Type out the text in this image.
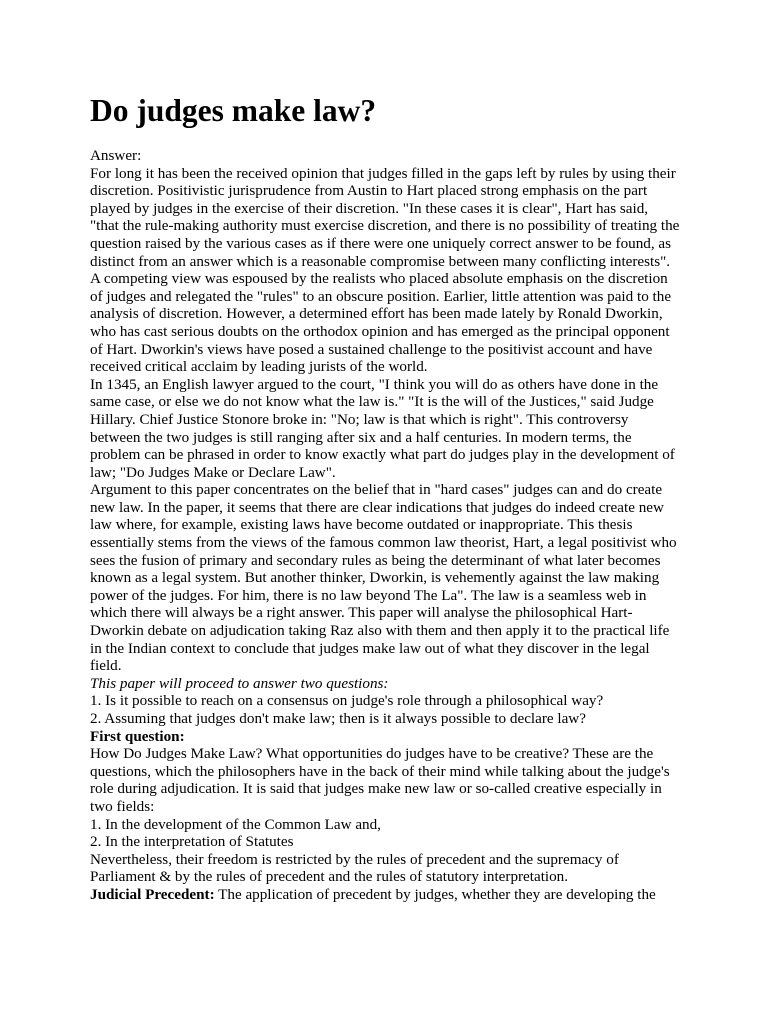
Do judges make law?

Answer:

For long it has been the received opinion that judges filled in the gaps left by rules by using their discretion. Positivistic jurisprudence from Austin to Hart placed strong emphasis on the part played by judges in the exercise of their discretion. "In these cases it is clear", Hart has said, "that the rule-making authority must exercise discretion, and there is no possibility of treating the question raised by the various cases as if there were one uniquely correct answer to be found, as distinct from an answer which is a reasonable compromise between many conflicting interests".

A competing view was espoused by the realists who placed absolute emphasis on the discretion of judges and relegated the "rules" to an obscure position. Earlier, little attention was paid to the analysis of discretion. However, a determined effort has been made lately by Ronald Dworkin, who has cast serious doubts on the orthodox opinion and has emerged as the principal opponent of Hart. Dworkin's views have posed a sustained challenge to the positivist account and have received critical acclaim by leading jurists of the world.

In 1345, an English lawyer argued to the court, "I think you will do as others have done in the same case, or else we do not know what the law is." "It is the will of the Justices," said Judge Hillary. Chief Justice Stonore broke in: "No; law is that which is right". This controversy between the two judges is still ranging after six and a half centuries. In modern terms, the problem can be phrased in order to know exactly what part do judges play in the development of law; "Do Judges Make or Declare Law".

Argument to this paper concentrates on the belief that in "hard cases" judges can and do create new law. In the paper, it seems that there are clear indications that judges do indeed create new law where, for example, existing laws have become outdated or inappropriate. This thesis essentially stems from the views of the famous common law theorist, Hart, a legal positivist who sees the fusion of primary and secondary rules as being the determinant of what later becomes known as a legal system. But another thinker, Dworkin, is vehemently against the law making power of the judges. For him, there is no law beyond The La". The law is a seamless web in which there will always be a right answer. This paper will analyse the philosophical Hart-Dworkin debate on adjudication taking Raz also with them and then apply it to the practical life in the Indian context to conclude that judges make law out of what they discover in the legal field.

This paper will proceed to answer two questions:

1. Is it possible to reach on a consensus on judge's role through a philosophical way?

2. Assuming that judges don't make law; then is it always possible to declare law?

First question:

How Do Judges Make Law? What opportunities do judges have to be creative? These are the questions, which the philosophers have in the back of their mind while talking about the judge's role during adjudication. It is said that judges make new law or so-called creative especially in two fields:

1. In the development of the Common Law and,

2. In the interpretation of Statutes

Nevertheless, their freedom is restricted by the rules of precedent and the supremacy of Parliament & by the rules of precedent and the rules of statutory interpretation.

Judicial Precedent: The application of precedent by judges, whether they are developing the
